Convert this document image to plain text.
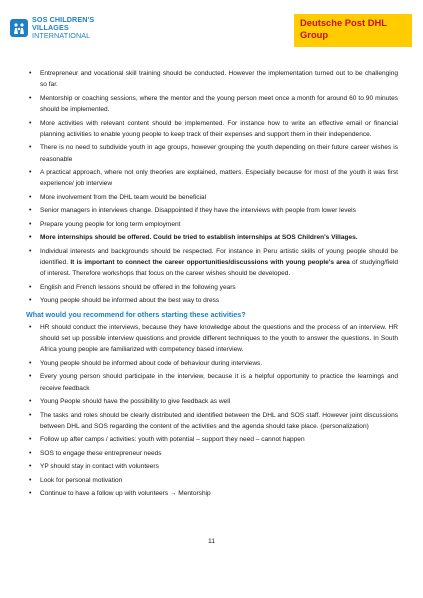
SOS CHILDREN'S
VILLAGES
INTERNATIONAL
Deutsche Post DHL
Group
• Entrepreneur and vocational skill training should be conducted. However the implementation turned out to be challenging so far.
• Mentorship or coaching sessions, where the mentor and the young person meet once a month for around 60 to 90 minutes should be implemented.
• More activities with relevant content should be implemented. For instance how to write an effective email or financial planning activities to enable young people to keep track of their expenses and support them in their independence.
• There is no need to subdivide youth in age groups, however grouping the youth depending on their future career wishes is reasonable
• A practical approach, where not only theories are explained, matters. Especially because for most of the youth it was first experience/ job interview
• More involvement from the DHL team would be beneficial
• Senior managers in interviews change. Disappointed if they have the interviews with people from lower levels
• Prepare young people for long term employment
• More internships should be offered. Could be tried to establish internships at SOS Children's Villages.
• Individual interests and backgrounds should be respected. For instance in Peru artistic skills of young people should be identified. It is important to connect the career opportunities/discussions with young people's area of studying/field of interest. Therefore workshops that focus on the career wishes should be developed.
• English and French lessons should be offered in the following years
• Young people should be informed about the best way to dress
What would you recommend for others starting these activities?
• HR should conduct the interviews, because they have knowledge about the questions and the process of an interview. HR should set up possible interview questions and provide different techniques to the youth to answer the questions. In South Africa young people are familiarized with competency based interview.
• Young people should be informed about code of behaviour during interviews.
• Every young person should participate in the interview, because it is a helpful opportunity to practice the learnings and receive feedback
• Young People should have the possibility to give feedback as well
• The tasks and roles should be clearly distributed and identified between the DHL and SOS staff. However joint discussions between DHL and SOS regarding the content of the activities and the agenda should take place. (personalization)
• Follow up after camps / activities: youth with potential – support they need – cannot happen
• SOS to engage these entrepreneur needs
• YP should stay in contact with volunteers
• Look for personal motivation
• Continue to have a follow up with volunteers → Mentorship
11
